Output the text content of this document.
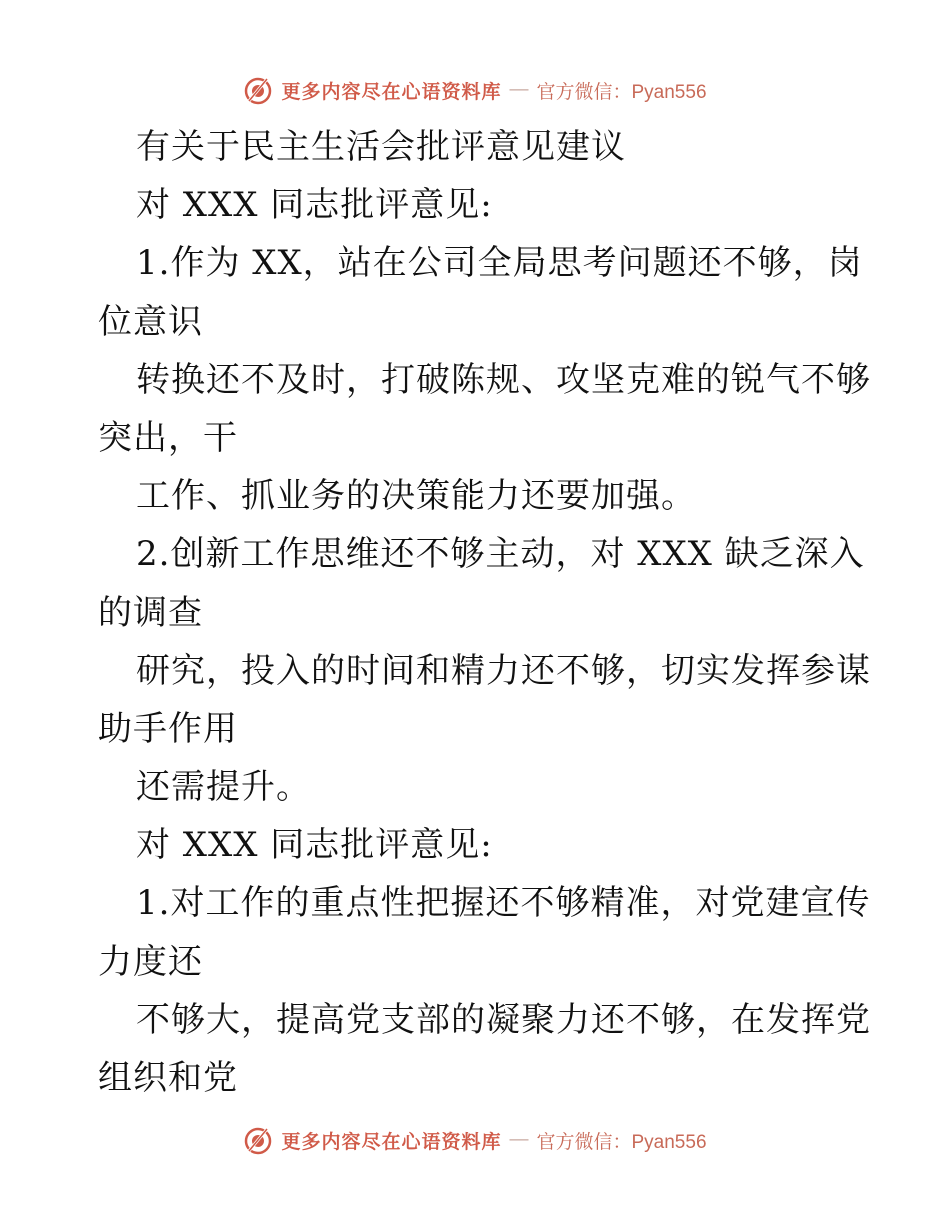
更多内容尽在心语资料库 — 官方微信：Pyan556
有关于民主生活会批评意见建议
对 XXX 同志批评意见:
1.作为 XX，站在公司全局思考问题还不够，岗
位意识
转换还不及时，打破陈规、攻坚克难的锐气不够
突出，干
工作、抓业务的决策能力还要加强。
2.创新工作思维还不够主动，对 XXX 缺乏深入
的调查
研究，投入的时间和精力还不够，切实发挥参谋
助手作用
还需提升。
对 XXX 同志批评意见:
1.对工作的重点性把握还不够精准，对党建宣传
力度还
不够大，提高党支部的凝聚力还不够，在发挥党
组织和党
更多内容尽在心语资料库 — 官方微信：Pyan556
